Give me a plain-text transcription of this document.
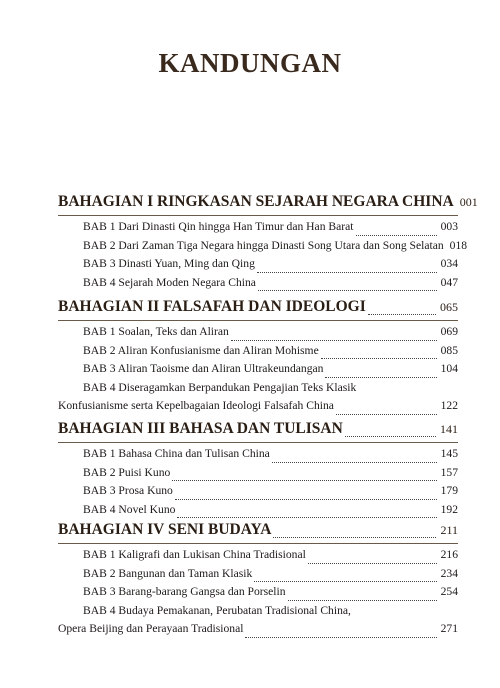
KANDUNGAN
BAHAGIAN I RINGKASAN SEJARAH NEGARA CHINA 001
BAB 1 Dari Dinasti Qin hingga Han Timur dan Han Barat	003
BAB 2 Dari Zaman Tiga Negara hingga Dinasti Song Utara dan Song Selatan 018
BAB 3 Dinasti Yuan, Ming dan Qing	034
BAB 4 Sejarah Moden Negara China	047
BAHAGIAN II FALSAFAH DAN IDEOLOGI	065
BAB 1 Soalan, Teks dan Aliran	069
BAB 2 Aliran Konfusianisme dan Aliran Mohisme	085
BAB 3 Aliran Taoisme dan Aliran Ultrakeundangan	104
BAB 4 Diseragamkan Berpandukan Pengajian Teks Klasik
Konfusianisme serta Kepelbagaian Ideologi Falsafah China	122
BAHAGIAN III BAHASA DAN TULISAN	141
BAB 1 Bahasa China dan Tulisan China	145
BAB 2 Puisi Kuno	157
BAB 3 Prosa Kuno	179
BAB 4 Novel Kuno	192
BAHAGIAN IV SENI BUDAYA	211
BAB 1 Kaligrafi dan Lukisan China Tradisional	216
BAB 2 Bangunan dan Taman Klasik	234
BAB 3 Barang-barang Gangsa dan Porselin	254
BAB 4 Budaya Pemakanan, Perubatan Tradisional China,
Opera Beijing dan Perayaan Tradisional	271
